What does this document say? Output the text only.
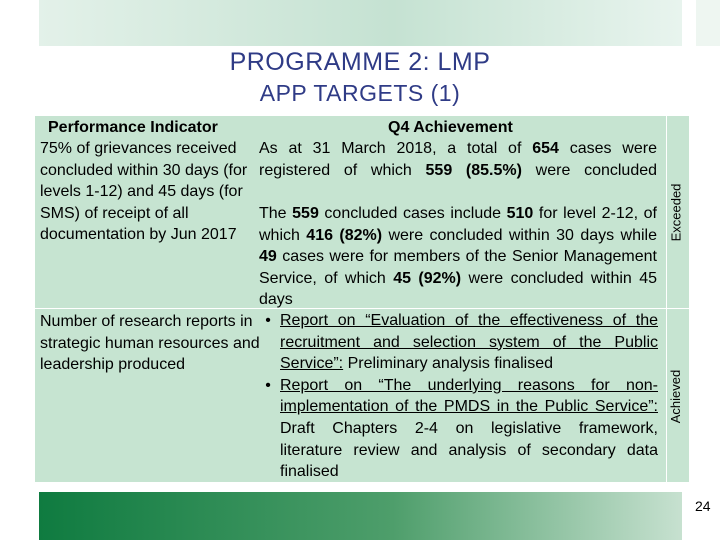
PROGRAMME 2: LMP
APP TARGETS (1)
Performance Indicator	Q4 Achievement
75% of grievances received concluded within 30 days (for levels 1-12) and 45 days (for SMS) of receipt of all documentation by Jun 2017
As at 31 March 2018, a total of 654 cases were registered of which 559 (85.5%) were concluded
The 559 concluded cases include 510 for level 2-12, of which 416 (82%) were concluded within 30 days while 49 cases were for members of the Senior Management Service, of which 45 (92%) were concluded within 45 days
Exceeded
Number of research reports in strategic human resources and leadership produced
• Report on “Evaluation of the effectiveness of the recruitment and selection system of the Public Service”: Preliminary analysis finalised
• Report on “The underlying reasons for non-implementation of the PMDS in the Public Service”: Draft Chapters 2-4 on legislative framework, literature review and analysis of secondary data finalised
Achieved
24
